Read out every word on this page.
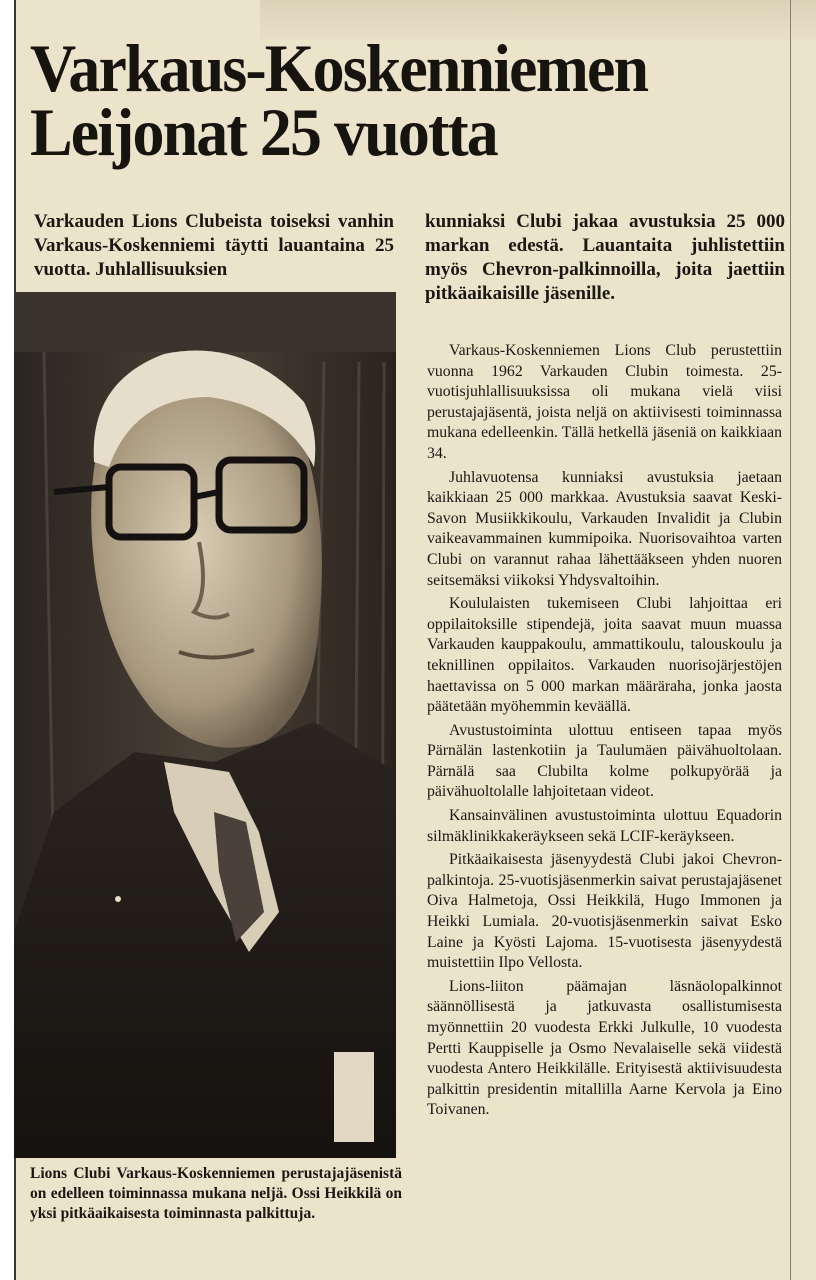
Varkaus-Koskenniemen
Leijonat 25 vuotta

Varkauden Lions Clubeista toiseksi vanhin Varkaus-Koskenniemi täytti lauantaina 25 vuotta. Juhlallisuuksien

kunniaksi Clubi jakaa avustuksia 25 000 markan edestä. Lauantaita juhlistettiin myös Chevron-palkinnoilla, joita jaettiin pitkäaikaisille jäsenille.

Lions Clubi Varkaus-Koskenniemen perustajajäsenistä on edelleen toiminnassa mukana neljä. Ossi Heikkilä on yksi pitkäaikaisesta toiminnasta palkittuja.

Varkaus-Koskenniemen Lions Club perustettiin vuonna 1962 Varkauden Clubin toimesta. 25-vuotisjuhlallisuuksissa oli mukana vielä viisi perustajajäsentä, joista neljä on aktiivisesti toiminnassa mukana edelleenkin. Tällä hetkellä jäseniä on kaikkiaan 34.

Juhlavuotensa kunniaksi avustuksia jaetaan kaikkiaan 25 000 markkaa. Avustuksia saavat Keski-Savon Musiikkikoulu, Varkauden Invalidit ja Clubin vaikeavammainen kummipoika. Nuorisovaihtoa varten Clubi on varannut rahaa lähettääkseen yhden nuoren seitsemäksi viikoksi Yhdysvaltoihin.

Koululaisten tukemiseen Clubi lahjoittaa eri oppilaitoksille stipendejä, joita saavat muun muassa Varkauden kauppakoulu, ammattikoulu, talouskoulu ja teknillinen oppilaitos. Varkauden nuorisojärjestöjen haettavissa on 5 000 markan määräraha, jonka jaosta päätetään myöhemmin keväällä.

Avustustoiminta ulottuu entiseen tapaa myös Pärnälän lastenkotiin ja Taulumäen päivähuoltolaan. Pärnälä saa Clubilta kolme polkupyörää ja päivähuoltolalle lahjoitetaan videot.

Kansainvälinen avustustoiminta ulottuu Equadorin silmäklinikkakeräykseen sekä LCIF-keräykseen.

Pitkäaikaisesta jäsenyydestä Clubi jakoi Chevron-palkintoja. 25-vuotisjäsenmerkin saivat perustajajäsenet Oiva Halmetoja, Ossi Heikkilä, Hugo Immonen ja Heikki Lumiala. 20-vuotisjäsenmerkin saivat Esko Laine ja Kyösti Lajoma. 15-vuotisesta jäsenyydestä muistettiin Ilpo Vellosta.

Lions-liiton päämajan läsnäolopalkinnot säännöllisestä ja jatkuvasta osallistumisesta myönnettiin 20 vuodesta Erkki Julkulle, 10 vuodesta Pertti Kauppiselle ja Osmo Nevalaiselle sekä viidestä vuodesta Antero Heikkilälle. Erityisestä aktiivisuudesta palkittin presidentin mitallilla Aarne Kervola ja Eino Toivanen.
